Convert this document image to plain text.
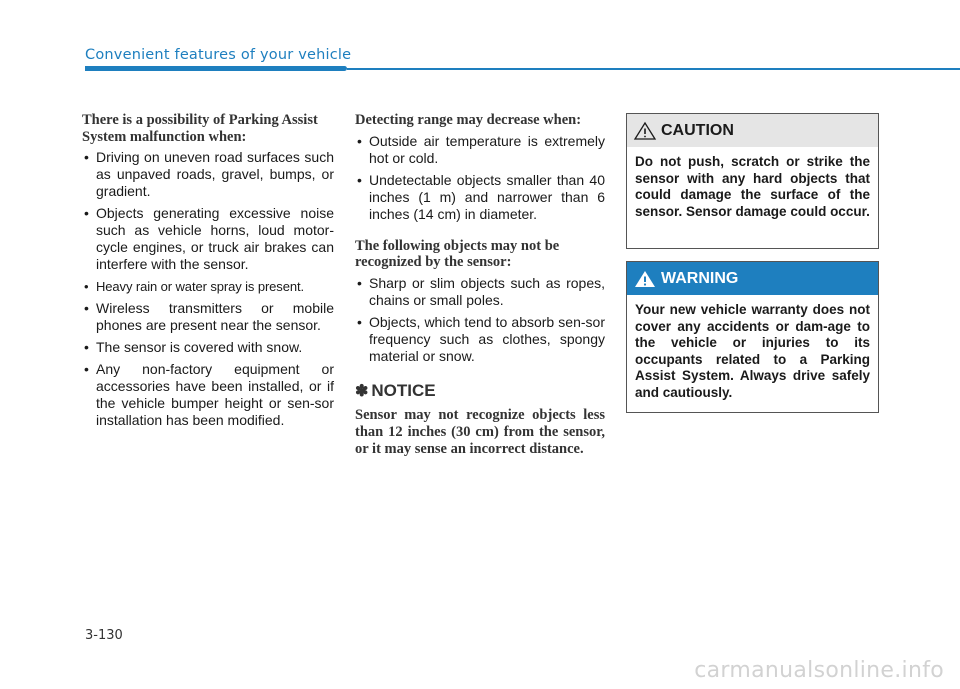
Convenient features of your vehicle
There is a possibility of Parking Assist System malfunction when:
• Driving on uneven road surfaces such as unpaved roads, gravel, bumps, or gradient.
• Objects generating excessive noise such as vehicle horns, loud motor-cycle engines, or truck air brakes can interfere with the sensor.
• Heavy rain or water spray is present.
• Wireless transmitters or mobile phones are present near the sensor.
• The sensor is covered with snow.
• Any non-factory equipment or accessories have been installed, or if the vehicle bumper height or sen-sor installation has been modified.
Detecting range may decrease when:
• Outside air temperature is extremely hot or cold.
• Undetectable objects smaller than 40 inches (1 m) and narrower than 6 inches (14 cm) in diameter.
The following objects may not be recognized by the sensor:
• Sharp or slim objects such as ropes, chains or small poles.
• Objects, which tend to absorb sen-sor frequency such as clothes, spongy material or snow.
✽ NOTICE
Sensor may not recognize objects less than 12 inches (30 cm) from the sensor, or it may sense an incorrect distance.
CAUTION
Do not push, scratch or strike the sensor with any hard objects that could damage the surface of the sensor. Sensor damage could occur.
WARNING
Your new vehicle warranty does not cover any accidents or dam-age to the vehicle or injuries to its occupants related to a Parking Assist System. Always drive safely and cautiously.
3-130
carmanualsonline.info
